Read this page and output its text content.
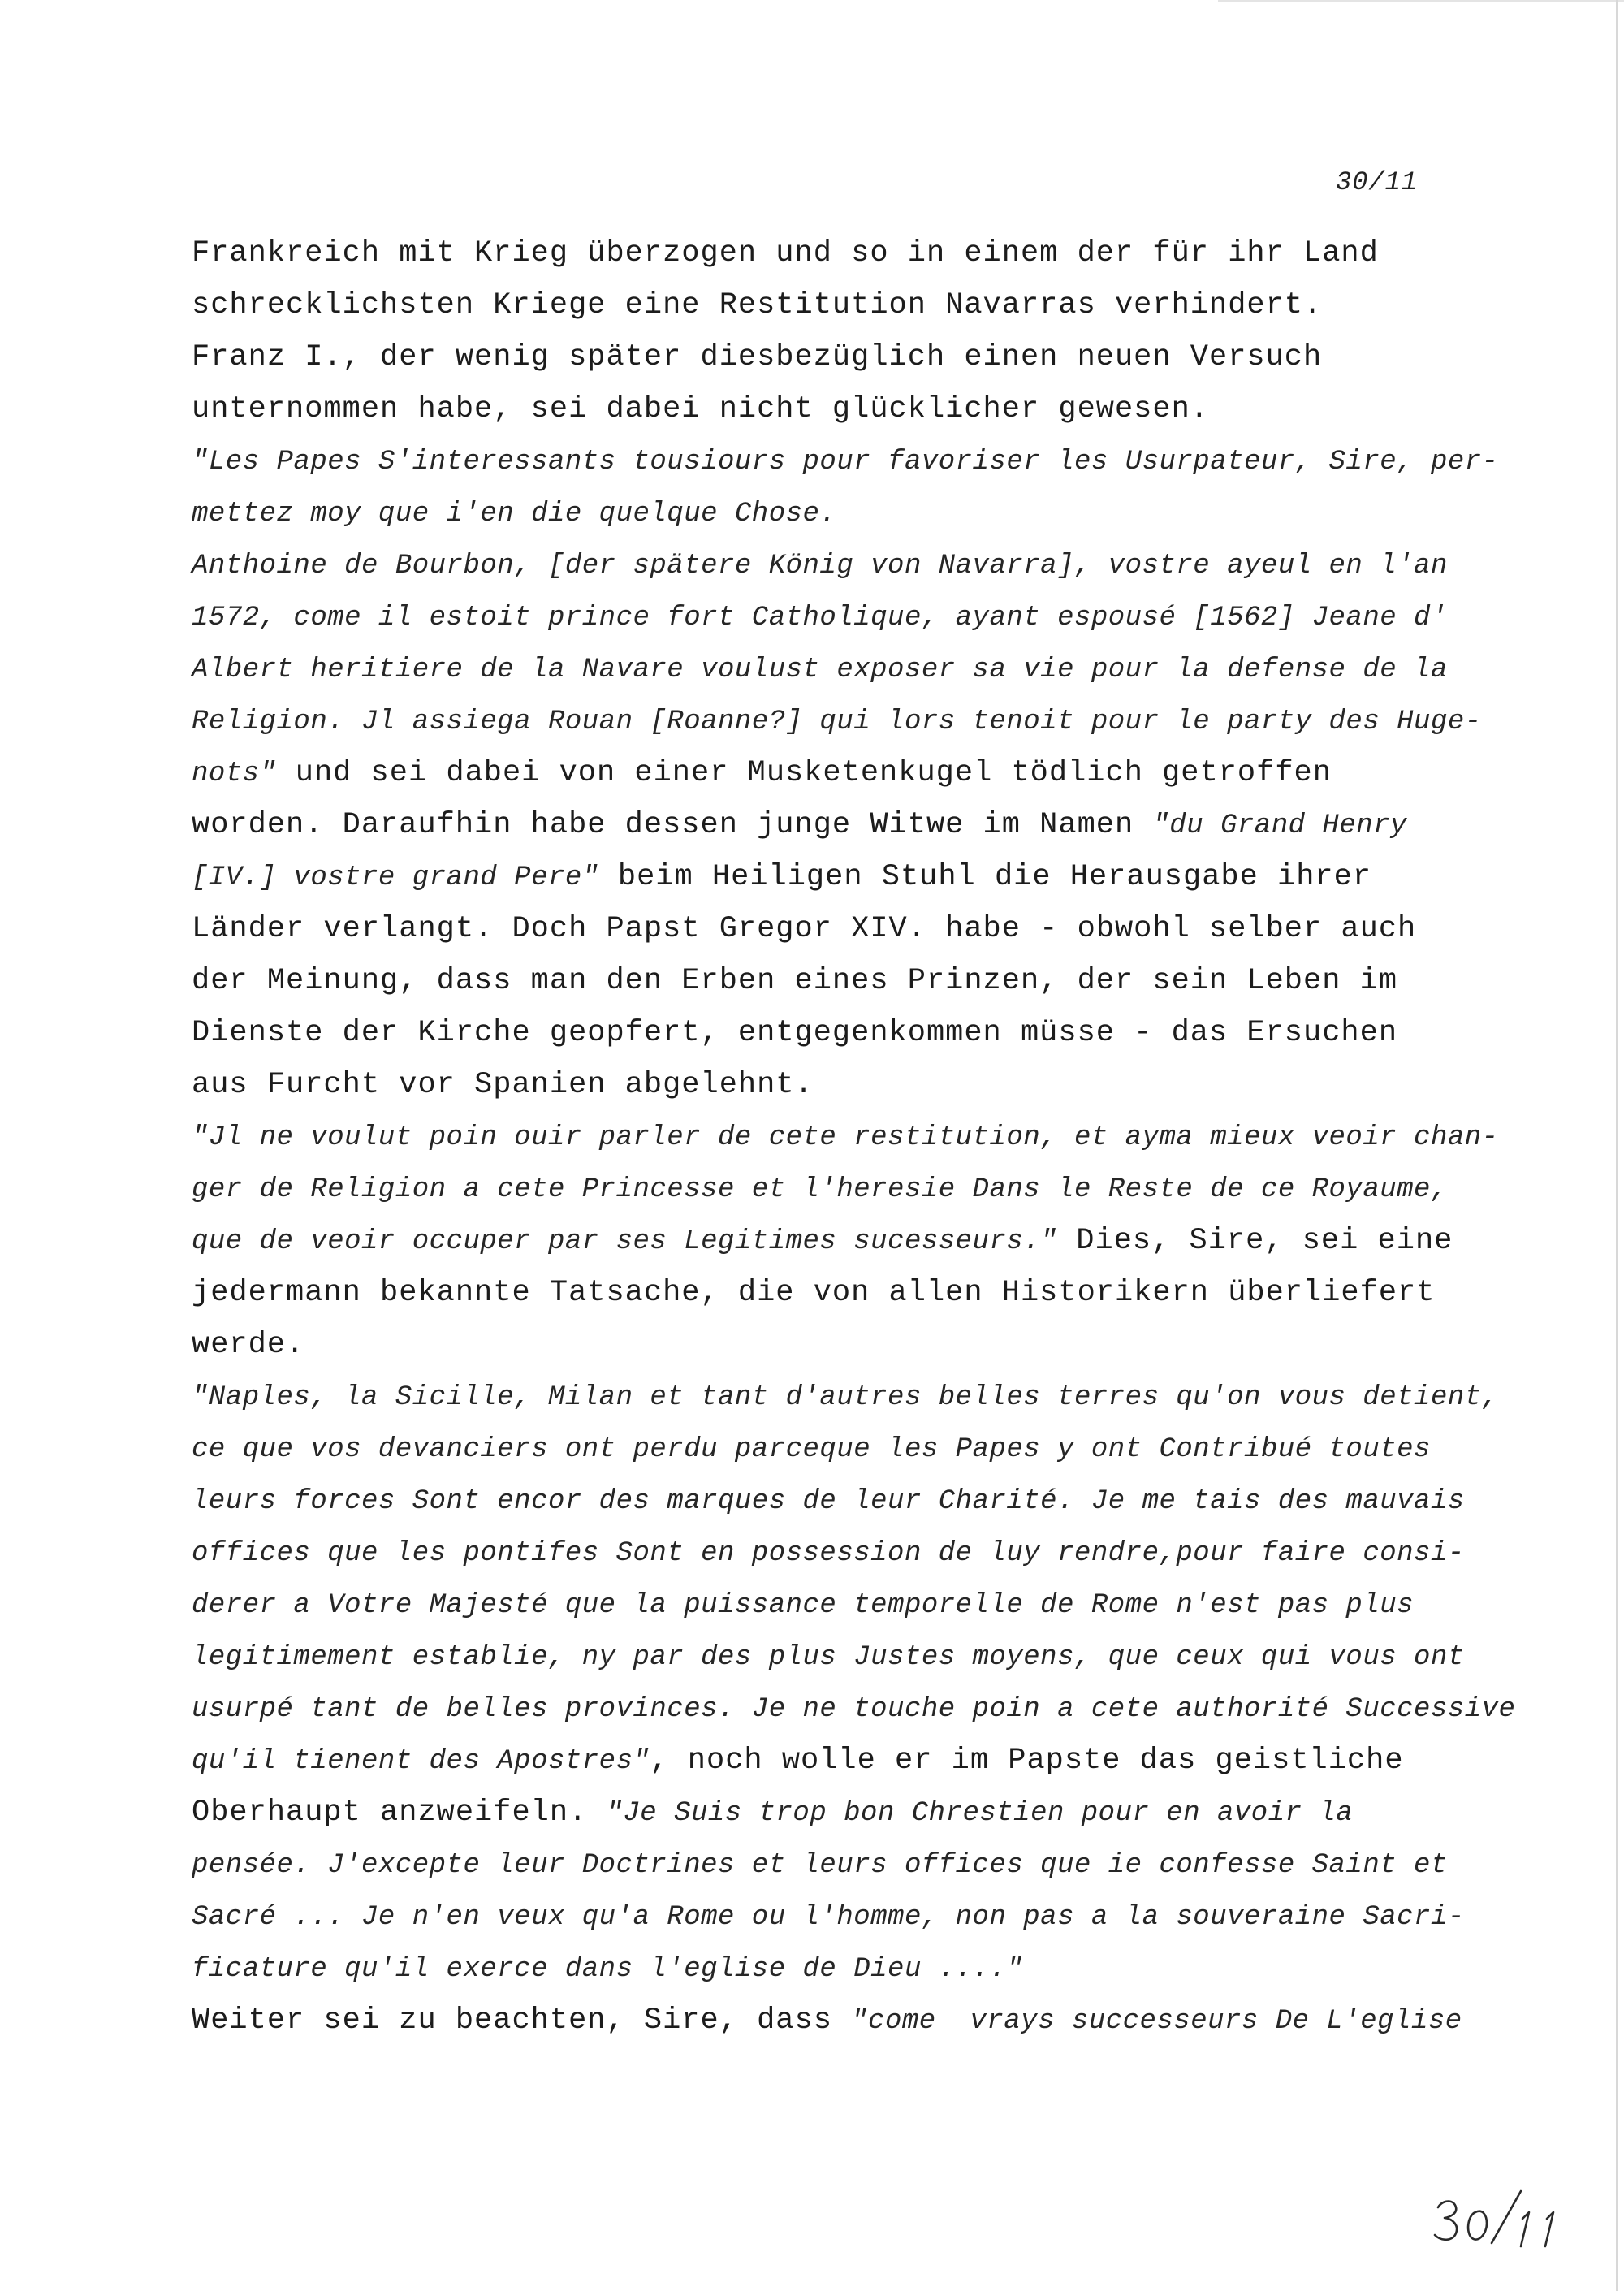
30/11
Frankreich mit Krieg überzogen und so in einem der für ihr Land
schrecklichsten Kriege eine Restitution Navarras verhindert.
Franz I., der wenig später diesbezüglich einen neuen Versuch
unternommen habe, sei dabei nicht glücklicher gewesen.
"Les Papes S'interessants tousiours pour favoriser les Usurpateur, Sire, per-
mettez moy que i'en die quelque Chose.
Anthoine de Bourbon, [der spätere König von Navarra], vostre ayeul en l'an
1572, come il estoit prince fort Catholique, ayant espousé [1562] Jeane d'
Albert heritiere de la Navare voulust exposer sa vie pour la defense de la
Religion. Jl assiega Rouan [Roanne?] qui lors tenoit pour le party des Huge-
nots" und sei dabei von einer Musketenkugel tödlich getroffen
worden. Daraufhin habe dessen junge Witwe im Namen "du Grand Henry
[IV.] vostre grand Pere" beim Heiligen Stuhl die Herausgabe ihrer
Länder verlangt. Doch Papst Gregor XIV. habe - obwohl selber auch
der Meinung, dass man den Erben eines Prinzen, der sein Leben im
Dienste der Kirche geopfert, entgegenkommen müsse - das Ersuchen
aus Furcht vor Spanien abgelehnt.
"Jl ne voulut poin ouir parler de cete restitution, et ayma mieux veoir chan-
ger de Religion a cete Princesse et l'heresie Dans le Reste de ce Royaume,
que de veoir occuper par ses Legitimes sucesseurs." Dies, Sire, sei eine
jedermann bekannte Tatsache, die von allen Historikern überliefert
werde.
"Naples, la Sicille, Milan et tant d'autres belles terres qu'on vous detient,
ce que vos devanciers ont perdu parceque les Papes y ont Contribué toutes
leurs forces Sont encor des marques de leur Charité. Je me tais des mauvais
offices que les pontifes Sont en possession de luy rendre,pour faire consi-
derer a Votre Majesté que la puissance temporelle de Rome n'est pas plus
legitimement establie, ny par des plus Justes moyens, que ceux qui vous ont
usurpé tant de belles provinces. Je ne touche poin a cete authorité Successive
qu'il tienent des Apostres", noch wolle er im Papste das geistliche
Oberhaupt anzweifeln. "Je Suis trop bon Chrestien pour en avoir la
pensée. J'excepte leur Doctrines et leurs offices que ie confesse Saint et
Sacré ... Je n'en veux qu'a Rome ou l'homme, non pas a la souveraine Sacri-
ficature qu'il exerce dans l'eglise de Dieu ...."
Weiter sei zu beachten, Sire, dass "come  vrays successeurs De L'eglise
